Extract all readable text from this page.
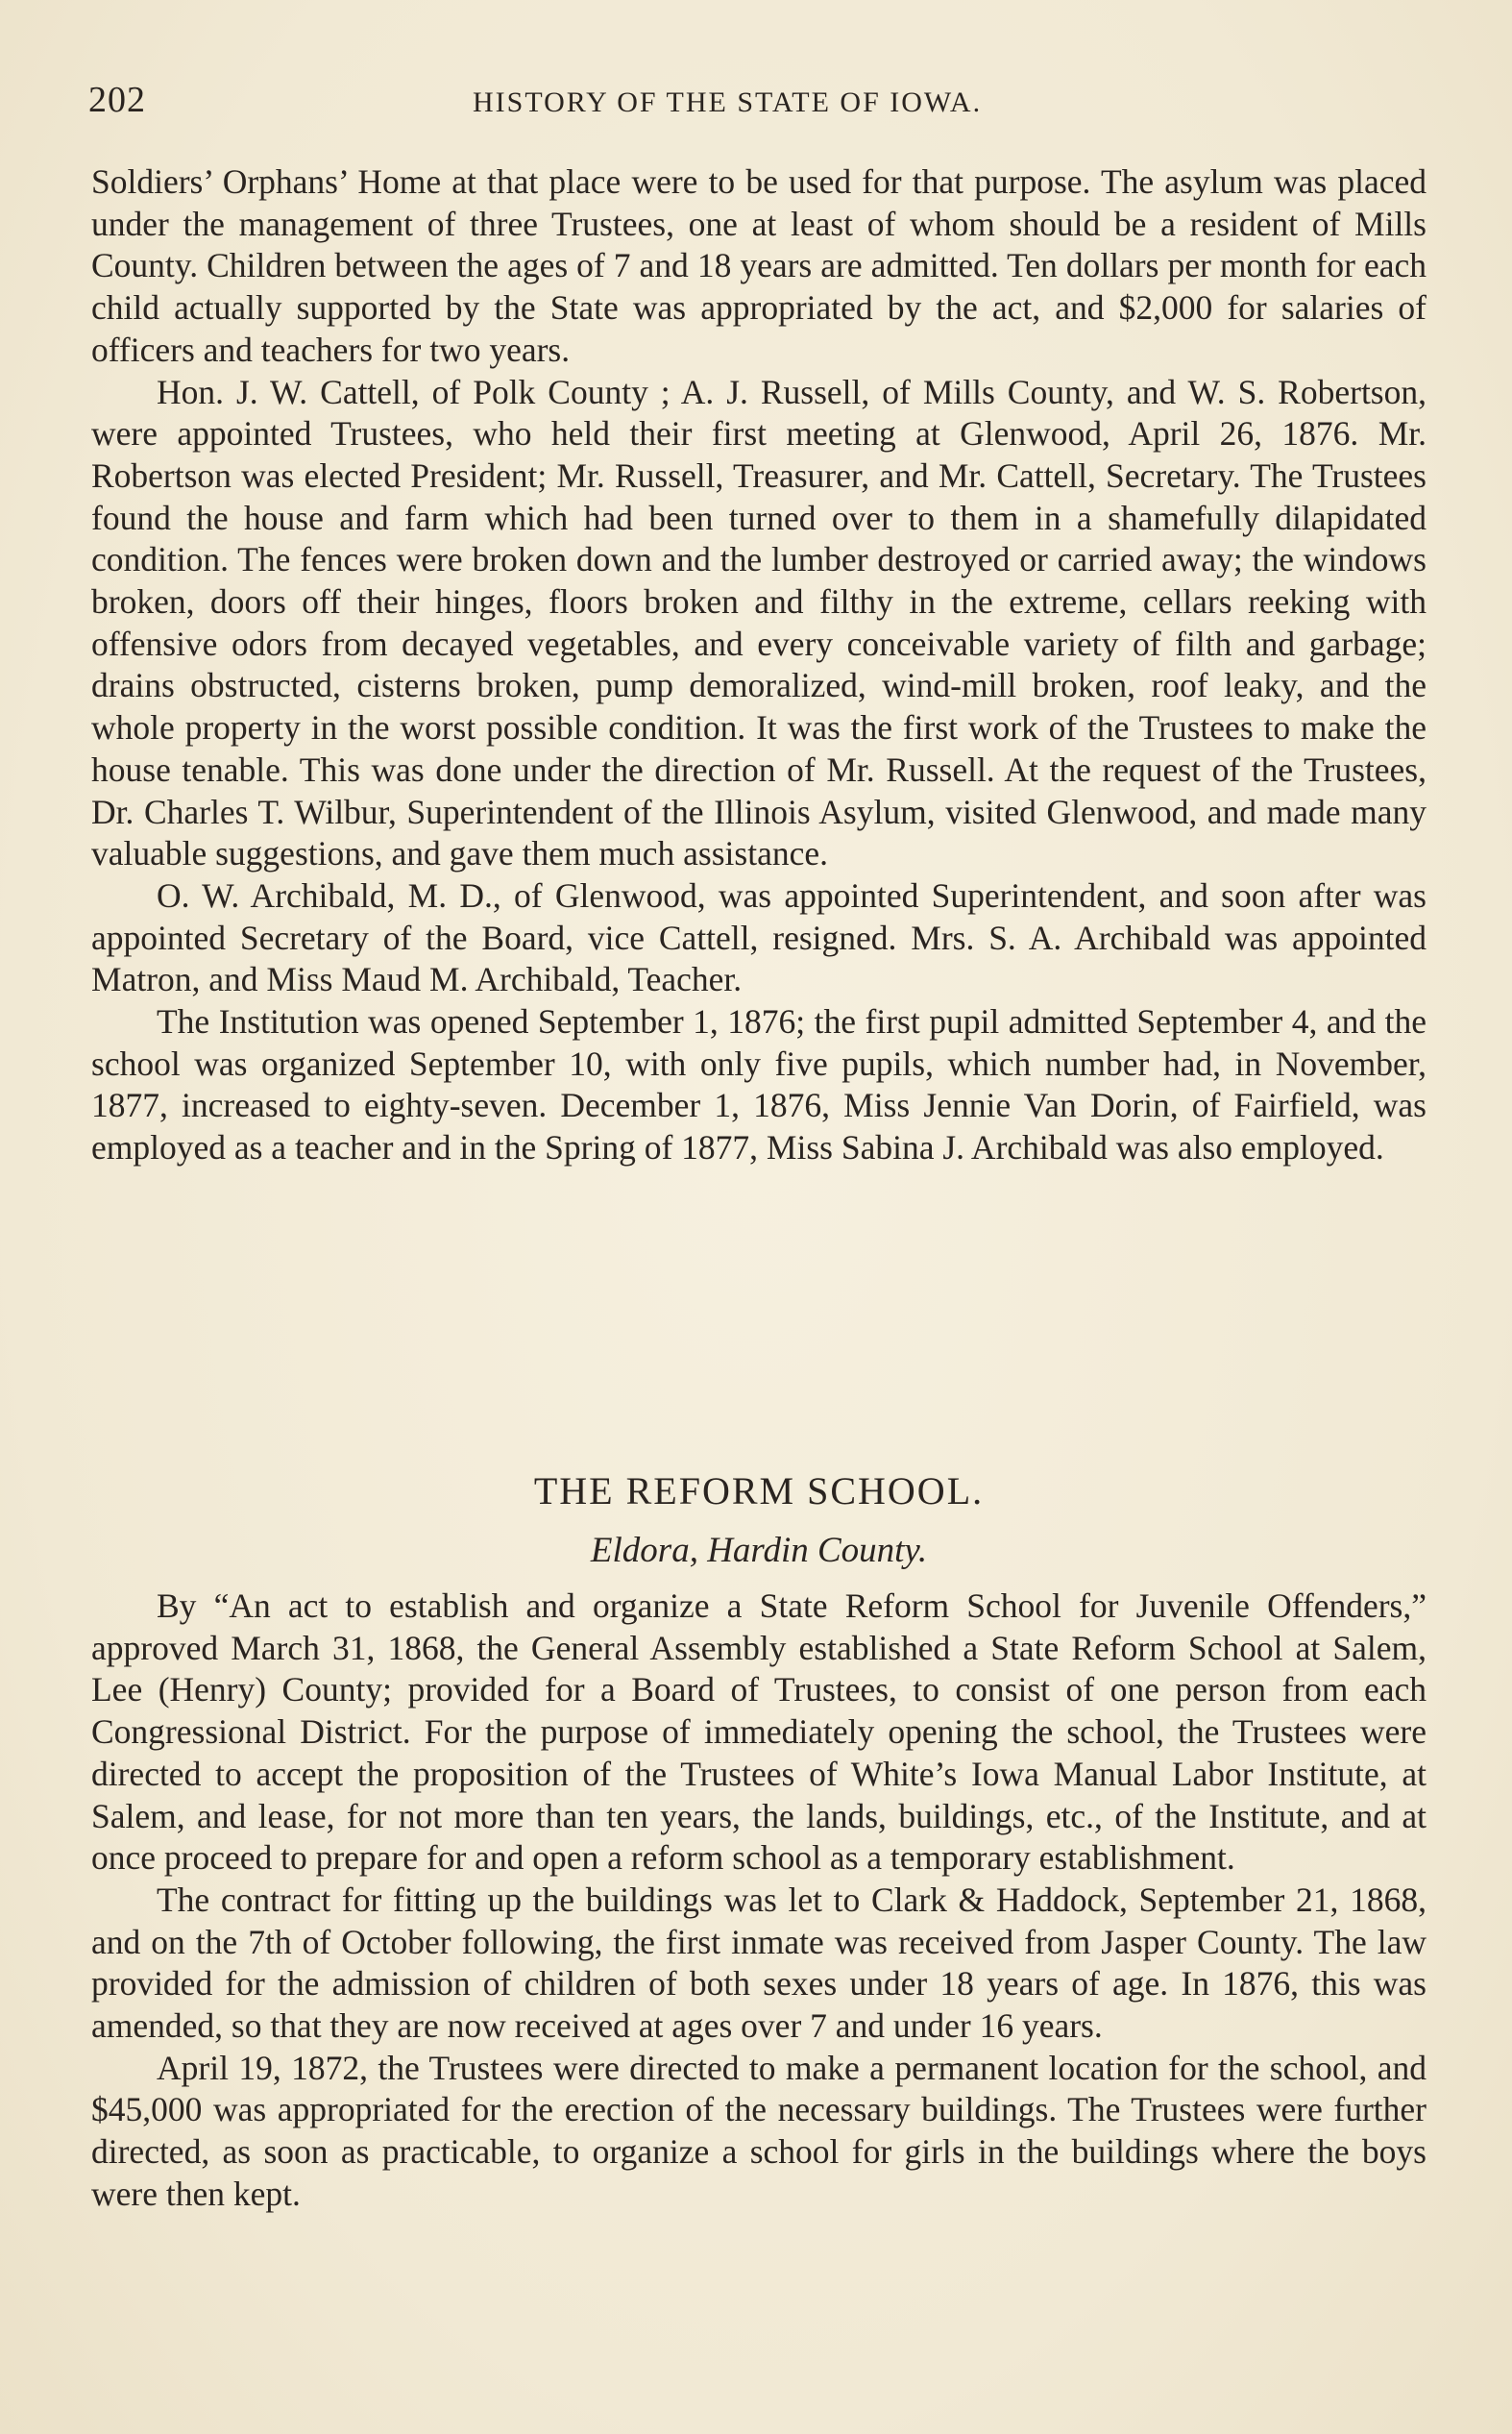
202	HISTORY OF THE STATE OF IOWA.

Soldiers’ Orphans’ Home at that place were to be used for that purpose. The asylum was placed under the management of three Trustees, one at least of whom should be a resident of Mills County. Children between the ages of 7 and 18 years are admitted. Ten dollars per month for each child actually supported by the State was appropriated by the act, and $2,000 for salaries of officers and teachers for two years.

Hon. J. W. Cattell, of Polk County ; A. J. Russell, of Mills County, and W. S. Robertson, were appointed Trustees, who held their first meeting at Glenwood, April 26, 1876. Mr. Robertson was elected President; Mr. Russell, Treasurer, and Mr. Cattell, Secretary. The Trustees found the house and farm which had been turned over to them in a shamefully dilapidated condition. The fences were broken down and the lumber destroyed or carried away; the windows broken, doors off their hinges, floors broken and filthy in the extreme, cellars reeking with offensive odors from decayed vegetables, and every conceivable variety of filth and garbage; drains obstructed, cisterns broken, pump demoralized, wind-mill broken, roof leaky, and the whole property in the worst possible condition. It was the first work of the Trustees to make the house tenable. This was done under the direction of Mr. Russell. At the request of the Trustees, Dr. Charles T. Wilbur, Superintendent of the Illinois Asylum, visited Glenwood, and made many valuable suggestions, and gave them much assistance.

O. W. Archibald, M. D., of Glenwood, was appointed Superintendent, and soon after was appointed Secretary of the Board, vice Cattell, resigned. Mrs. S. A. Archibald was appointed Matron, and Miss Maud M. Archibald, Teacher.

The Institution was opened September 1, 1876; the first pupil admitted September 4, and the school was organized September 10, with only five pupils, which number had, in November, 1877, increased to eighty-seven. December 1, 1876, Miss Jennie Van Dorin, of Fairfield, was employed as a teacher and in the Spring of 1877, Miss Sabina J. Archibald was also employed.

THE REFORM SCHOOL.
Eldora, Hardin County.

By “An act to establish and organize a State Reform School for Juvenile Offenders,” approved March 31, 1868, the General Assembly established a State Reform School at Salem, Lee (Henry) County; provided for a Board of Trustees, to consist of one person from each Congressional District. For the purpose of immediately opening the school, the Trustees were directed to accept the proposition of the Trustees of White’s Iowa Manual Labor Institute, at Salem, and lease, for not more than ten years, the lands, buildings, etc., of the Institute, and at once proceed to prepare for and open a reform school as a temporary establishment.

The contract for fitting up the buildings was let to Clark & Haddock, September 21, 1868, and on the 7th of October following, the first inmate was received from Jasper County. The law provided for the admission of children of both sexes under 18 years of age. In 1876, this was amended, so that they are now received at ages over 7 and under 16 years.

April 19, 1872, the Trustees were directed to make a permanent location for the school, and $45,000 was appropriated for the erection of the necessary buildings. The Trustees were further directed, as soon as practicable, to organize a school for girls in the buildings where the boys were then kept.
